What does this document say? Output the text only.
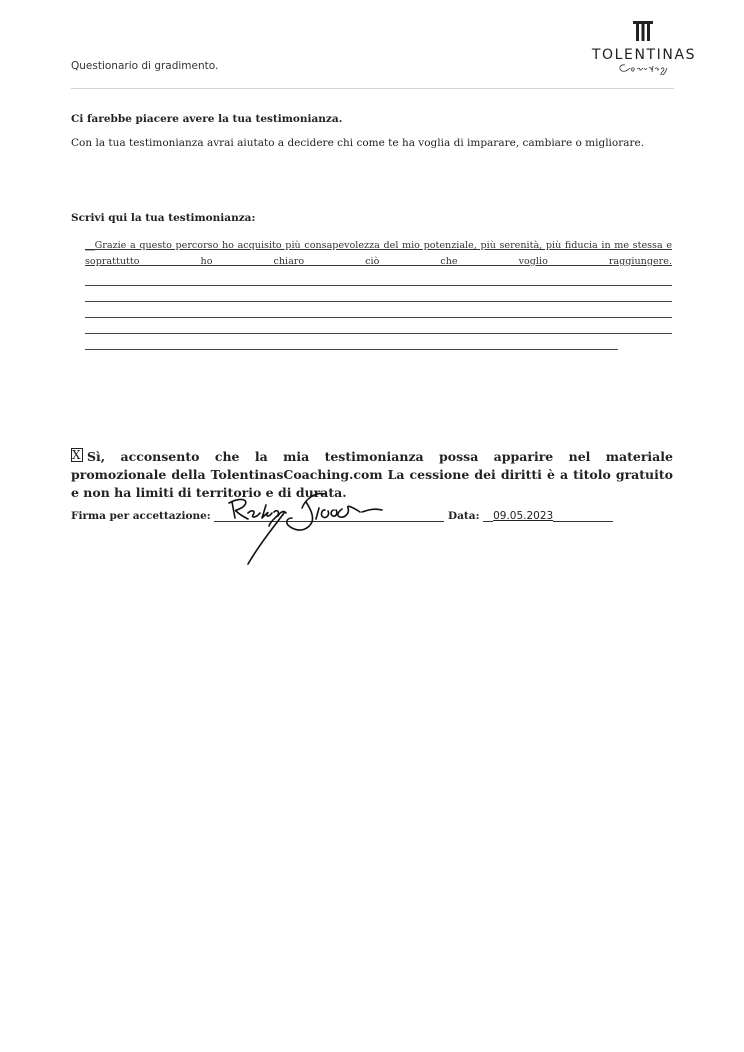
Questionario di gradimento.
TOLENTINAS
Ci farebbe piacere avere la tua testimonianza.
Con la tua testimonianza avrai aiutato a decidere chi come te ha voglia di imparare, cambiare o migliorare.
Scrivi qui la tua testimonianza:
__Grazie a questo percorso ho acquisito più consapevolezza del mio potenziale, più serenità, più fiducia in me stessa e
soprattutto ho chiaro ciò che voglio raggiungere.
X Sì, acconsento che la mia testimonianza possa apparire nel materiale promozionale della TolentinasCoaching.com La cessione dei diritti è a titolo gratuito e non ha limiti di territorio e di durata.
Firma per accettazione:	Data: 09.05.2023
